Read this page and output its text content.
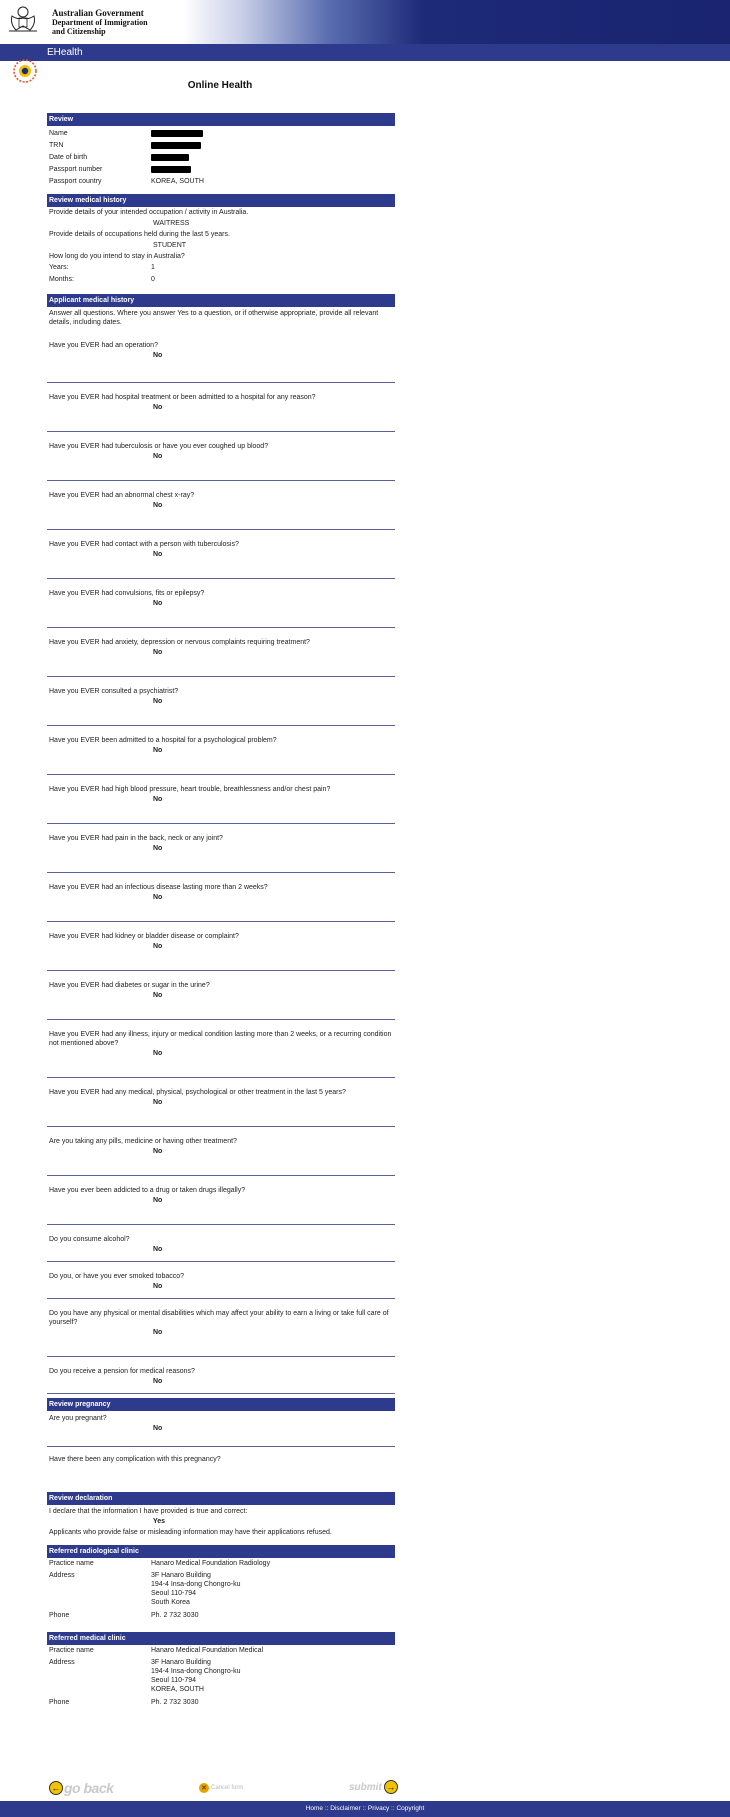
Australian Government
Department of Immigration
and Citizenship
EHealth
Online Health
Review
Name
TRN
Date of birth
Passport number
Passport country	KOREA, SOUTH
Review medical history
Provide details of your intended occupation / activity in Australia.
WAITRESS
Provide details of occupations held during the last 5 years.
STUDENT
How long do you intend to stay in Australia?
Years:	1
Months:	0
Applicant medical history
Answer all questions. Where you answer Yes to a question, or if otherwise appropriate, provide all relevant details, including dates.
Have you EVER had an operation?
No
Have you EVER had hospital treatment or been admitted to a hospital for any reason?
No
Have you EVER had tuberculosis or have you ever coughed up blood?
No
Have you EVER had an abnormal chest x-ray?
No
Have you EVER had contact with a person with tuberculosis?
No
Have you EVER had convulsions, fits or epilepsy?
No
Have you EVER had anxiety, depression or nervous complaints requiring treatment?
No
Have you EVER consulted a psychiatrist?
No
Have you EVER been admitted to a hospital for a psychological problem?
No
Have you EVER had high blood pressure, heart trouble, breathlessness and/or chest pain?
No
Have you EVER had pain in the back, neck or any joint?
No
Have you EVER had an infectious disease lasting more than 2 weeks?
No
Have you EVER had kidney or bladder disease or complaint?
No
Have you EVER had diabetes or sugar in the urine?
No
Have you EVER had any illness, injury or medical condition lasting more than 2 weeks, or a recurring condition not mentioned above?
No
Have you EVER had any medical, physical, psychological or other treatment in the last 5 years?
No
Are you taking any pills, medicine or having other treatment?
No
Have you ever been addicted to a drug or taken drugs illegally?
No
Do you consume alcohol?
No
Do you, or have you ever smoked tobacco?
No
Do you have any physical or mental disabilities which may affect your ability to earn a living or take full care of yourself?
No
Do you receive a pension for medical reasons?
No
Review pregnancy
Are you pregnant?
No
Have there been any complication with this pregnancy?
Review declaration
I declare that the information I have provided is true and correct:
Yes
Applicants who provide false or misleading information may have their applications refused.
Referred radiological clinic
Practice name	Hanaro Medical Foundation Radiology
Address	3F Hanaro Building
194-4 Insa-dong Chongro-ku
Seoul 110-794
South Korea
Phone	Ph. 2 732 3030
Referred medical clinic
Practice name	Hanaro Medical Foundation Medical
Address	3F Hanaro Building
194-4 Insa-dong Chongro-ku
Seoul 110-794
KOREA, SOUTH
Phone	Ph. 2 732 3030
← go back	✕ Cancel form	submit →
Home :: Disclaimer :: Privacy :: Copyright
